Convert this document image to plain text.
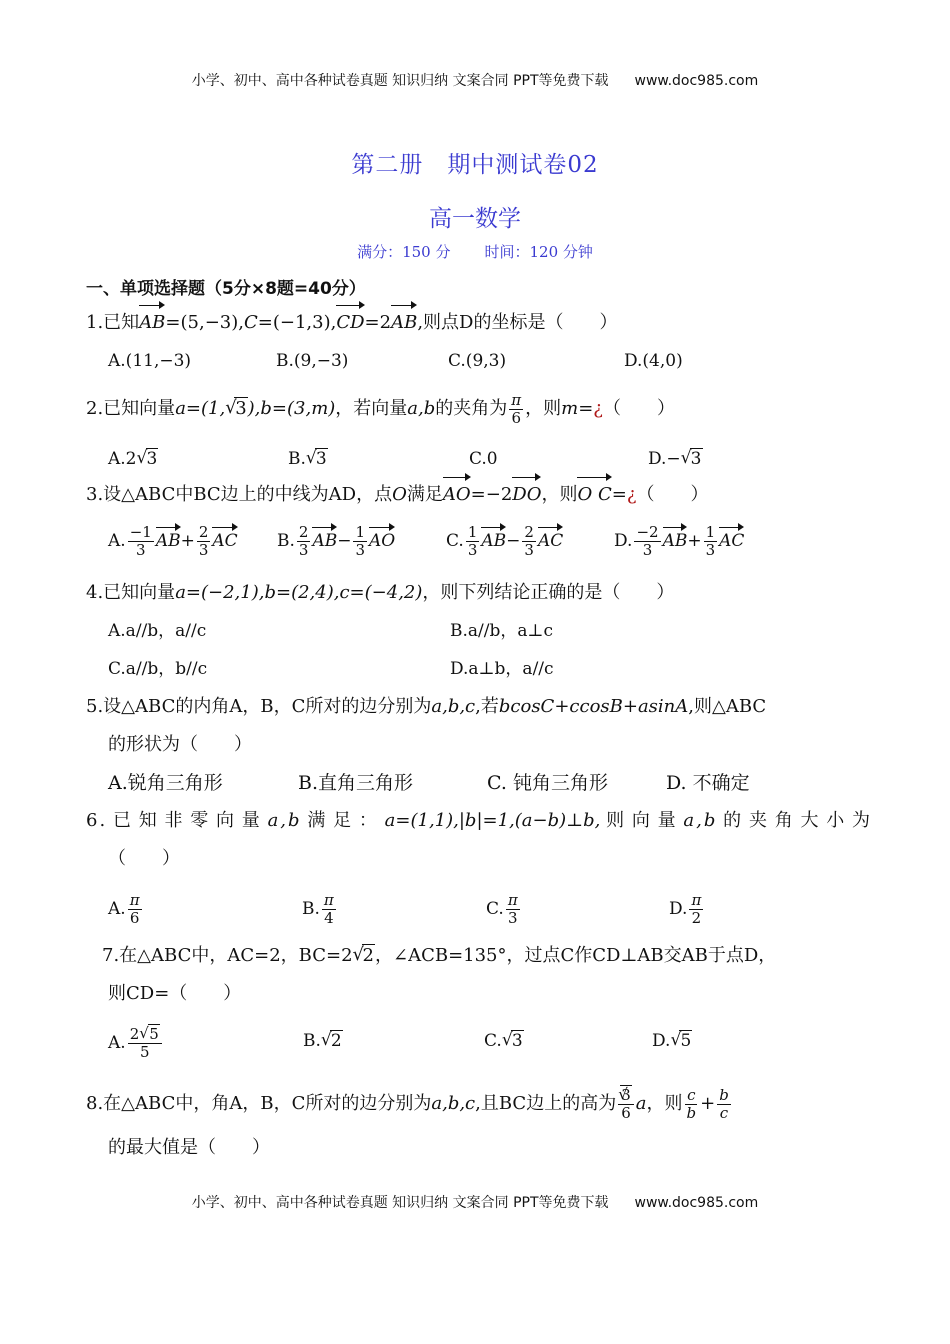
小学、初中、高中各种试卷真题 知识归纳 文案合同 PPT等免费下载 www.doc985.com
第二册　期中测试卷02
高一数学
满分：150 分 时间：120 分钟
一、单项选择题（5分×8题=40分）
1.已知AB=(5,−3),C=(−1,3),CD=2AB,则点D的坐标是（　　）
A.(11,−3)	B.(9,−3)	C.(9,3)	D.(4,0)
2.已知向量a=(1, √ 3),b=(3,m)，若向量a,b的夹角为 $\frac{\pi}{6}$ ，则m=¿（　　）
A.2 √ 3	B. √ 3	C.0	D.− √ 3
3.设△ABC中BC边上的中线为AD，点O满足AO=−2DO，则O C=¿（　　）
A. $\frac{-1}{3} AB+ \frac{2}{3}$ AC B. $\frac{2}{3} AB- \frac{1}{3}$ AO	C. $\frac{1}{3} AB- \frac{2}{3}$ AC	D. $\frac{-2}{3} AB+ \frac{1}{3}$ AC
4.已知向量a=(−2,1),b=(2,4),c=(−4,2)，则下列结论正确的是（　　）
A.a//b，a//c	B.a//b，a⊥c
C.a//b，b//c	D.a⊥b，a//c
5.设△ABC的内角A，B，C所对的边分别为a,b,c,若bcosC+ccosB+asinA,则△ABC
的形状为（　　）
A.锐角三角形	B.直角三角形	C. 钝角三角形	D. 不确定
6.已知非零向量a,b满足：a=(1,1),|b|=1,(a−b)⊥b,则向量a,b的夹角大小为
（　　）
A. $\frac{\pi}{6}$	B. $\frac{\pi}{4}$	C. $\frac{\pi}{3}$	D. $\frac{\pi}{2}$
7.在△ABC中，AC=2，BC=2 √ 2，∠ACB=135°，过点C作CD⊥AB交AB于点D，
则CD=（　　）
A. $\frac{2 √ 5}{5}$	B. √ 2	C. √ 3	D. √ 5
8.在△ABC中，角A，B，C所对的边分别为a,b,c,且BC边上的高为 √ $\frac{3}{6}$ a，则 $\frac{c}{b} + \frac{b}{c}$

的最大值是（　　）
小学、初中、高中各种试卷真题 知识归纳 文案合同 PPT等免费下载 www.doc985.com
